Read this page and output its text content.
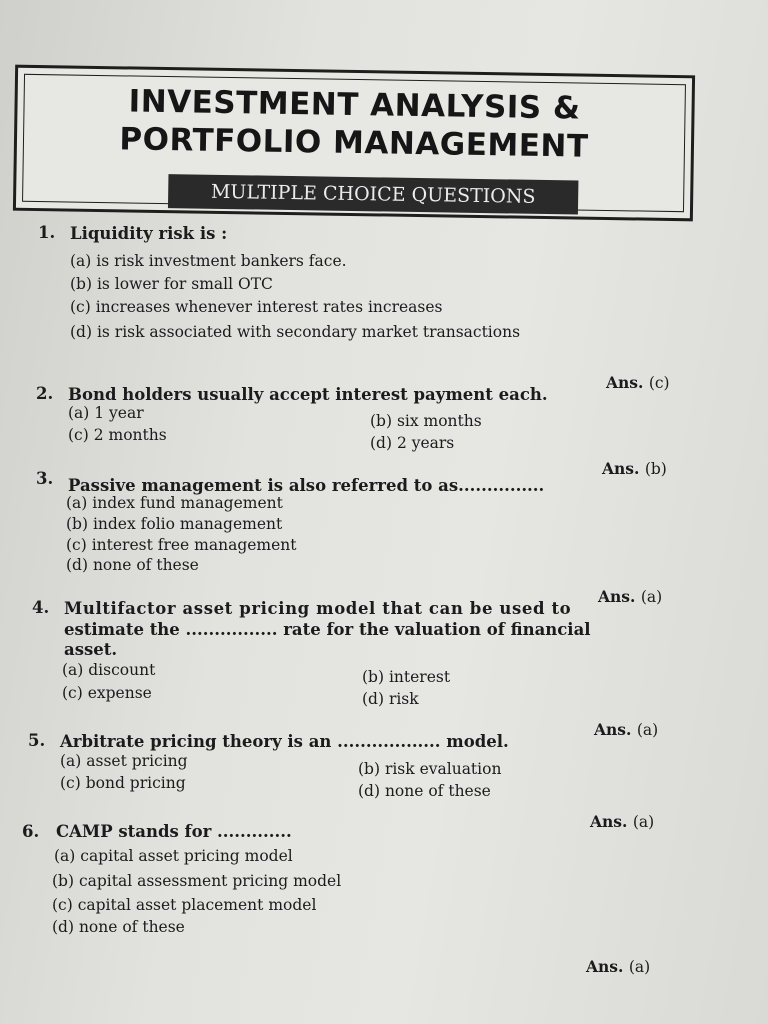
INVESTMENT ANALYSIS &
PORTFOLIO MANAGEMENT
MULTIPLE CHOICE QUESTIONS
1. Liquidity risk is :
(a) is risk investment bankers face.
(b) is lower for small OTC
(c) increases whenever interest rates increases
(d) is risk associated with secondary market transactions
Ans. (c)
2. Bond holders usually accept interest payment each.
(a) 1 year	(b) six months
(c) 2 months	(d) 2 years
Ans. (b)
3. Passive management is also referred to as...............
(a) index fund management
(b) index folio management
(c) interest free management
(d) none of these
Ans. (a)
4. Multifactor asset pricing model that can be used to
estimate the ................ rate for the valuation of financial
asset.
(a) discount	(b) interest
(c) expense	(d) risk
Ans. (a)
5. Arbitrate pricing theory is an .................. model.
(a) asset pricing	(b) risk evaluation
(c) bond pricing	(d) none of these
Ans. (a)
6. CAMP stands for .............
(a) capital asset pricing model
(b) capital assessment pricing model
(c) capital asset placement model
(d) none of these
Ans. (a)
